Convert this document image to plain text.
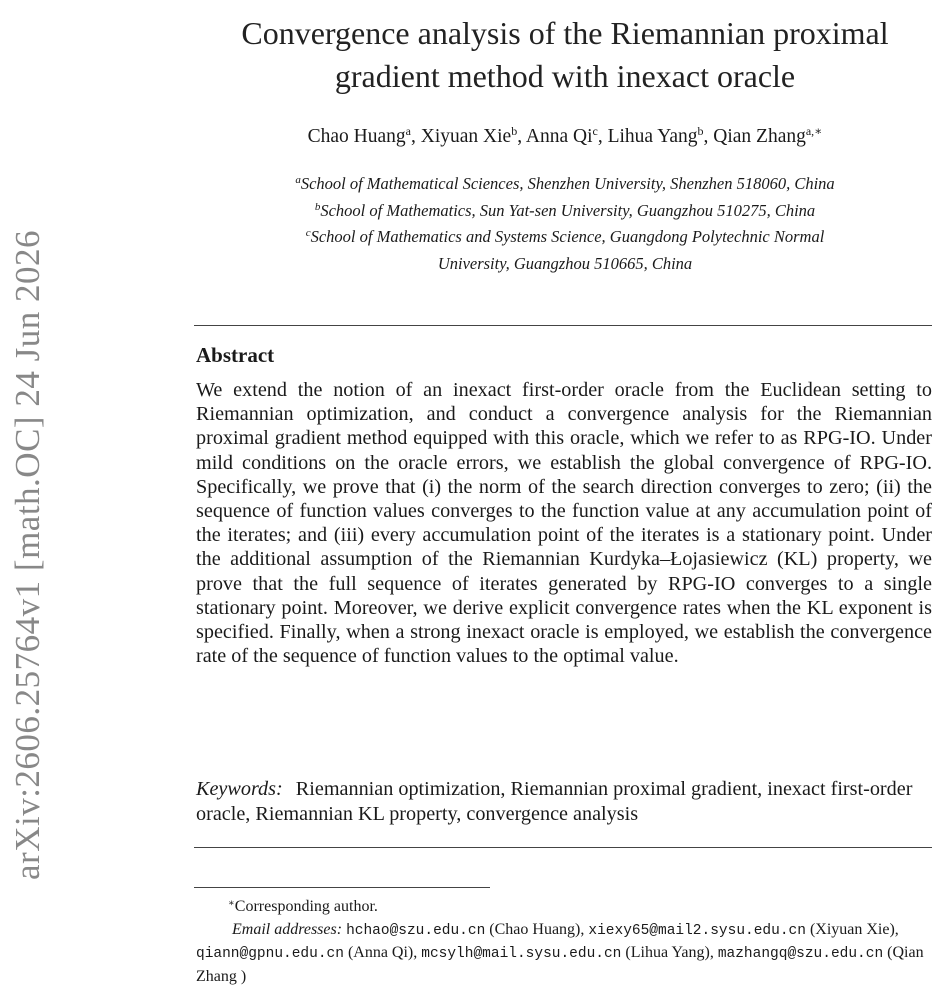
arXiv:2606.25764v1 [math.OC] 24 Jun 2026
Convergence analysis of the Riemannian proximal
gradient method with inexact oracle
Chao Huang$^a$, Xiyuan Xie$^b$, Anna Qi$^c$, Lihua Yang$^b$, Qian Zhang$^{a,∗}$
$^a$School of Mathematical Sciences, Shenzhen University, Shenzhen 518060, China
$^b$School of Mathematics, Sun Yat-sen University, Guangzhou 510275, China
$^c$School of Mathematics and Systems Science, Guangdong Polytechnic Normal
University, Guangzhou 510665, China
Abstract
We extend the notion of an inexact first-order oracle from the Euclidean setting to Riemannian optimization, and conduct a convergence analysis for the Riemannian proximal gradient method equipped with this oracle, which we refer to as RPG-IO. Under mild conditions on the oracle errors, we establish the global convergence of RPG-IO. Specifically, we prove that (i) the norm of the search direction converges to zero; (ii) the sequence of function values converges to the function value at any accumulation point of the iterates; and (iii) every accumulation point of the iterates is a stationary point. Under the additional assumption of the Riemannian Kurdyka–Łojasiewicz (KL) property, we prove that the full sequence of iterates generated by RPG-IO converges to a single stationary point. Moreover, we derive explicit convergence rates when the KL exponent is specified. Finally, when a strong inexact oracle is employed, we establish the convergence rate of the sequence of function values to the optimal value.
Keywords: Riemannian optimization, Riemannian proximal gradient, inexact first-order oracle, Riemannian KL property, convergence analysis
∗Corresponding author.
Email addresses: hchao@szu.edu.cn (Chao Huang), xiexy65@mail2.sysu.edu.cn (Xiyuan Xie), qiann@gpnu.edu.cn (Anna Qi), mcsylh@mail.sysu.edu.cn (Lihua Yang), mazhangq@szu.edu.cn (Qian Zhang )
